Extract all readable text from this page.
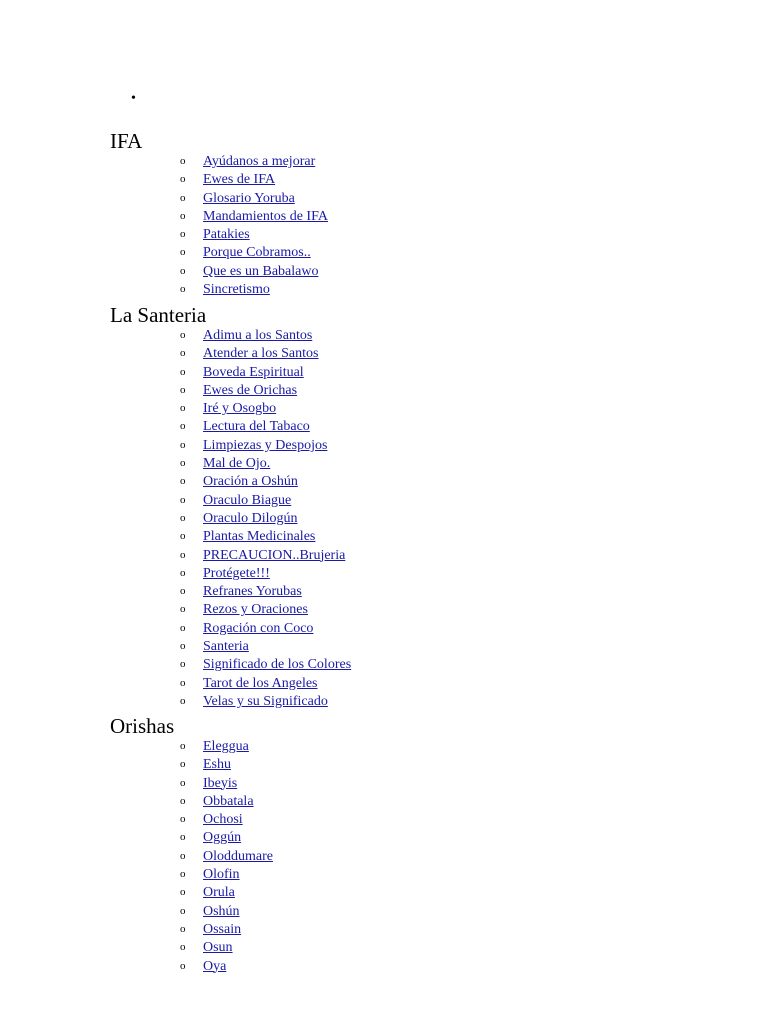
•
IFA
o Ayúdanos a mejorar
o Ewes de IFA
o Glosario Yoruba
o Mandamientos de IFA
o Patakies
o Porque Cobramos..
o Que es un Babalawo
o Sincretismo
La Santeria
o Adimu a los Santos
o Atender a los Santos
o Boveda Espiritual
o Ewes de Orichas
o Iré y Osogbo
o Lectura del Tabaco
o Limpiezas y Despojos
o Mal de Ojo.
o Oración a Oshún
o Oraculo Biague
o Oraculo Dilogún
o Plantas Medicinales
o PRECAUCION..Brujeria
o Protégete!!!
o Refranes Yorubas
o Rezos y Oraciones
o Rogación con Coco
o Santeria
o Significado de los Colores
o Tarot de los Angeles
o Velas y su Significado
Orishas
o Eleggua
o Eshu
o Ibeyis
o Obbatala
o Ochosi
o Oggún
o Oloddumare
o Olofin
o Orula
o Oshún
o Ossain
o Osun
o Oya
